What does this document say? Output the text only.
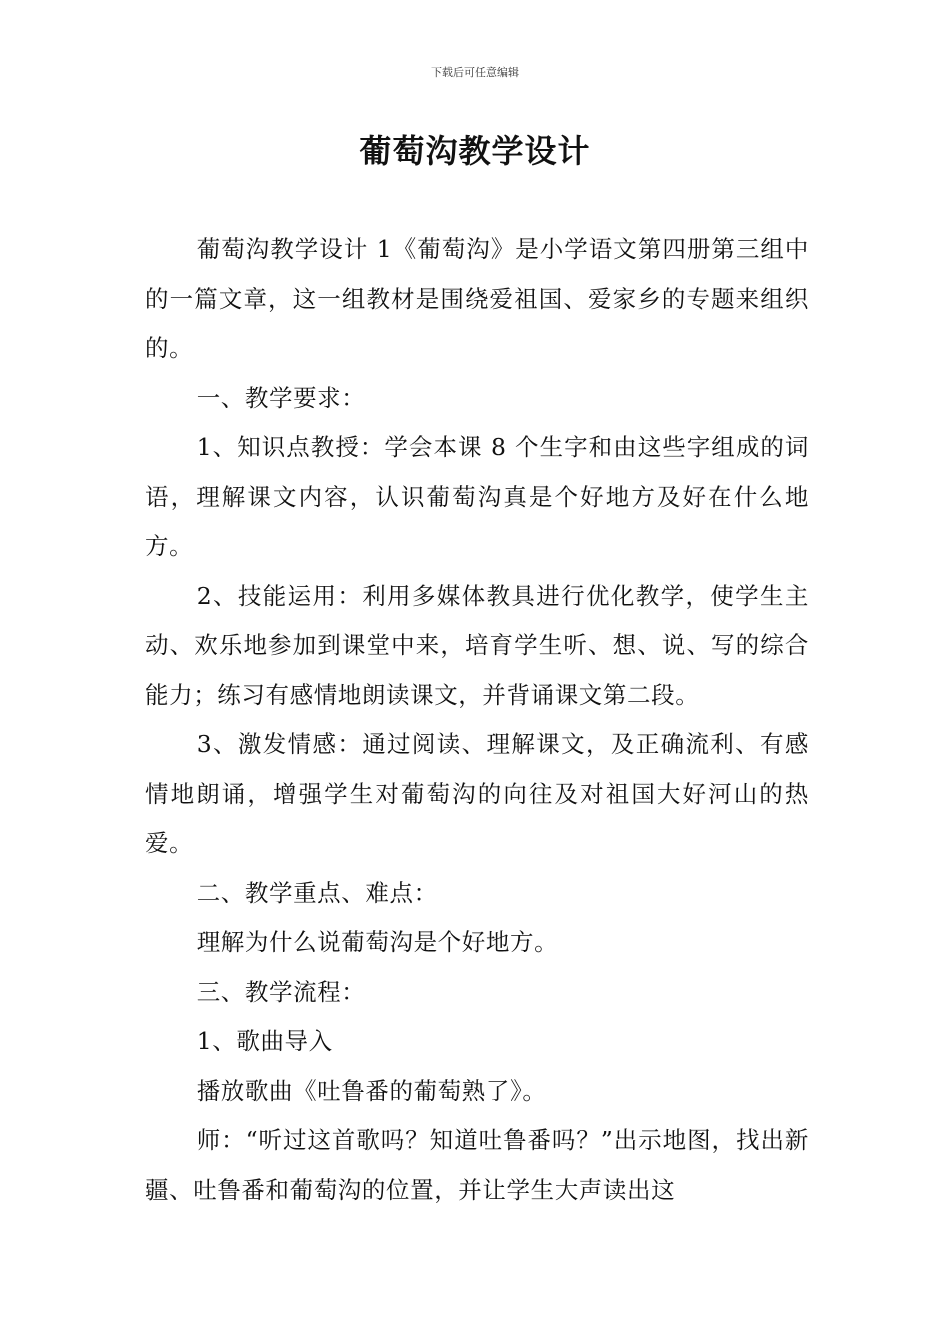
下载后可任意编辑
葡萄沟教学设计

葡萄沟教学设计 1《葡萄沟》是小学语文第四册第三组中的一篇文章，这一组教材是围绕爱祖国、爱家乡的专题来组织的。

一、教学要求：

1、知识点教授：学会本课 8 个生字和由这些字组成的词语，理解课文内容，认识葡萄沟真是个好地方及好在什么地方。

2、技能运用：利用多媒体教具进行优化教学，使学生主动、欢乐地参加到课堂中来，培育学生听、想、说、写的综合能力；练习有感情地朗读课文，并背诵课文第二段。

3、激发情感：通过阅读、理解课文，及正确流利、有感情地朗诵，增强学生对葡萄沟的向往及对祖国大好河山的热爱。

二、教学重点、难点：

理解为什么说葡萄沟是个好地方。

三、教学流程：

1、歌曲导入

播放歌曲《吐鲁番的葡萄熟了》。

师：“听过这首歌吗？知道吐鲁番吗？”出示地图，找出新疆、吐鲁番和葡萄沟的位置，并让学生大声读出这
